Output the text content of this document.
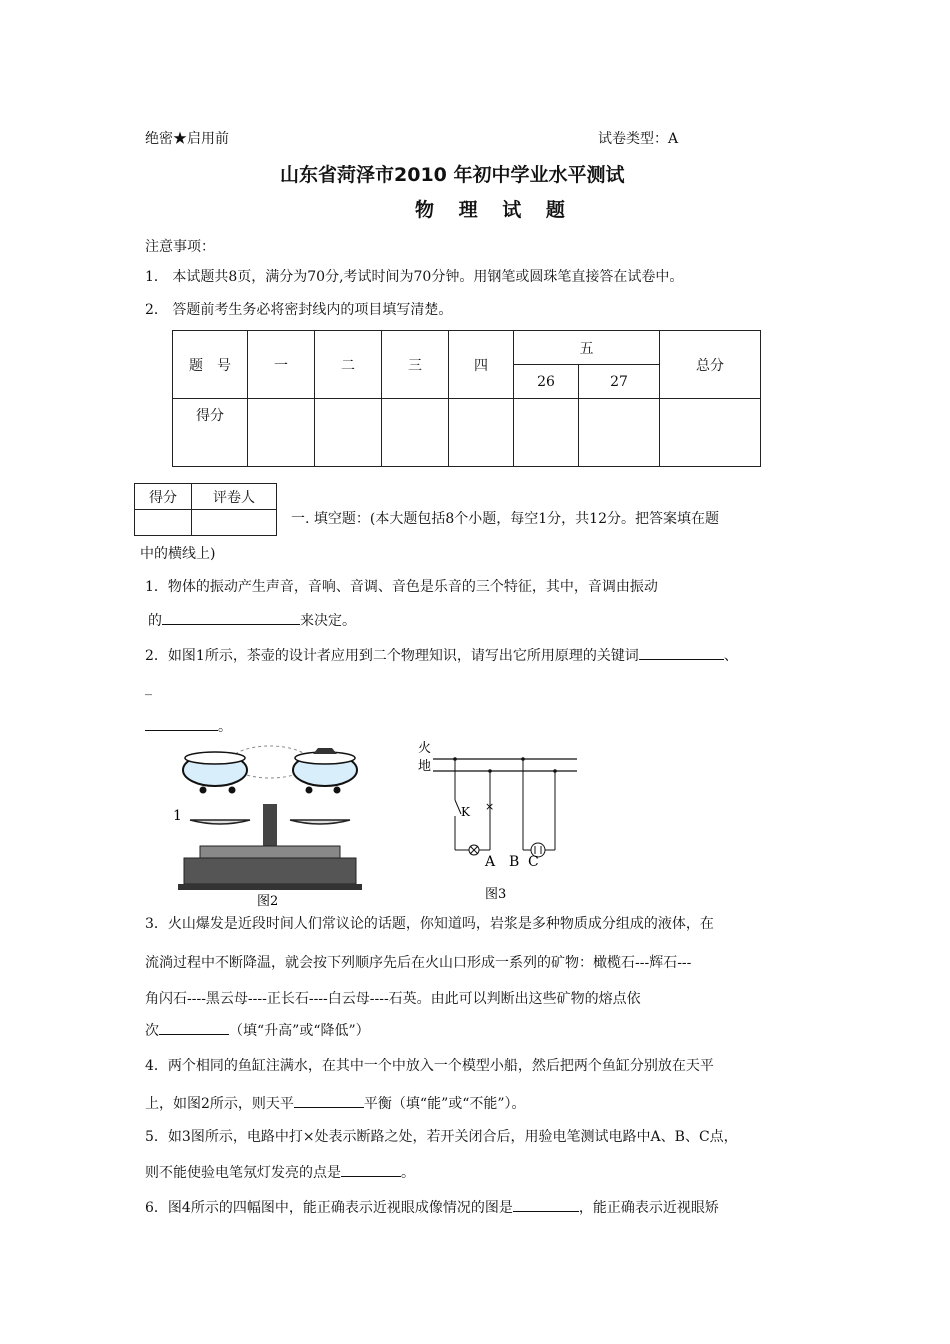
绝密★启用前	试卷类型：A
山东省菏泽市2010 年初中学业水平测试
物 理 试 题
注意事项：
1． 本试题共8页，满分为70分,考试时间为70分钟。用钢笔或圆珠笔直接答在试卷中。
2． 答题前考生务必将密封线内的项目填写清楚。
题　号	一	二	三	四	五		总分
					26	27	
得分							
得分	评卷人

一. 填空题：(本大题包括8个小题，每空1分，共12分。把答案填在题
中的横线上)
1．物体的振动产生声音，音响、音调、音色是乐音的三个特征，其中，音调由振动
的	来决定。
2．如图1所示，茶壶的设计者应用到二个物理知识，请写出它所用原理的关键词	、
_
。
1
图2
火
地
K ×
A B C
图3
3．火山爆发是近段时间人们常议论的话题，你知道吗，岩浆是多种物质成分组成的液体，在
流淌过程中不断降温，就会按下列顺序先后在火山口形成一系列的矿物：橄榄石---辉石---
角闪石----黑云母----正长石----白云母----石英。由此可以判断出这些矿物的熔点依
次	（填“升高”或“降低”）
4．两个相同的鱼缸注满水，在其中一个中放入一个模型小船，然后把两个鱼缸分别放在天平
上，如图2所示，则天平	平衡（填“能”或“不能”）。
5．如3图所示，电路中打×处表示断路之处，若开关闭合后，用验电笔测试电路中A、B、C点，
则不能使验电笔氖灯发亮的点是	。
6．图4所示的四幅图中，能正确表示近视眼成像情况的图是	，能正确表示近视眼矫
